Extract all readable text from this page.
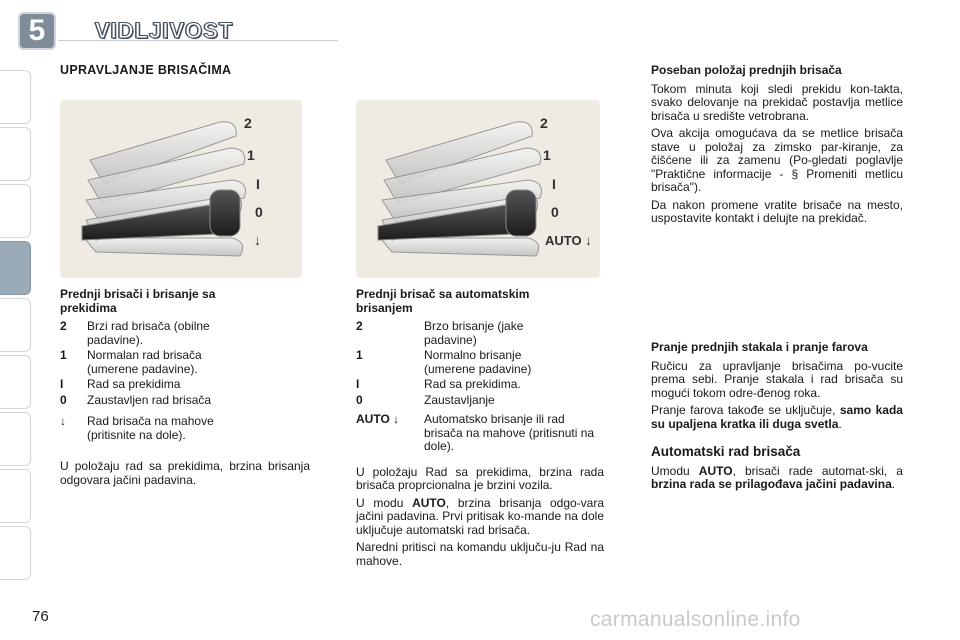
5	VIDLJIVOST
UPRAVLJANJE BRISAČIMA
2
1
I
0
↓
2
1
I
0
AUTO ↓
Prednji brisači i brisanje sa prekidima
2	Brzi rad brisača (obilne padavine).
1	Normalan rad brisača (umerene padavine).
I	Rad sa prekidima
0	Zaustavljen rad brisača
↓	Rad brisača na mahove (pritisnite na dole).

U položaju rad sa prekidima, brzina brisanja odgovara jačini padavina.

Prednji brisač sa automatskim brisanjem
2	Brzo brisanje (jake padavine)
1	Normalno brisanje (umerene padavine)
I	Rad sa prekidima.
0	Zaustavljanje
AUTO ↓	Automatsko brisanje ili rad brisača na mahove (pritisnuti na dole).

U položaju Rad sa prekidima, brzina rada brisača proprcionalna je brzini vozila.

U modu AUTO, brzina brisanja odgo-vara jačini padavina. Prvi pritisak ko-mande na dole uključuje automatski rad brisača.

Naredni pritisci na komandu uključu-ju Rad na mahove.

Poseban položaj prednjih brisača

Tokom minuta koji sledi prekidu kon-takta, svako delovanje na prekidač postavlja metlice brisača u središte vetrobrana.

Ova akcija omogućava da se metlice brisača stave u položaj za zimsko par-kiranje, za čišćene ili za zamenu (Po-gledati poglavlje "Praktične informacije - § Promeniti metlicu brisača").

Da nakon promene vratite brisače na mesto, uspostavite kontakt i delujte na prekidač.

Pranje prednjih stakala i pranje farova

Ručicu za upravljanje brisačima po-vucite prema sebi. Pranje stakala i rad brisača su mogući tokom odre-đenog roka.

Pranje farova takođe se uključuje, samo kada su upaljena kratka ili duga svetla.

Automatski rad brisača

Umodu AUTO, brisači rade automat-ski, a brzina rada se prilagođava jačini padavina.

76	carmanualsonline.info
